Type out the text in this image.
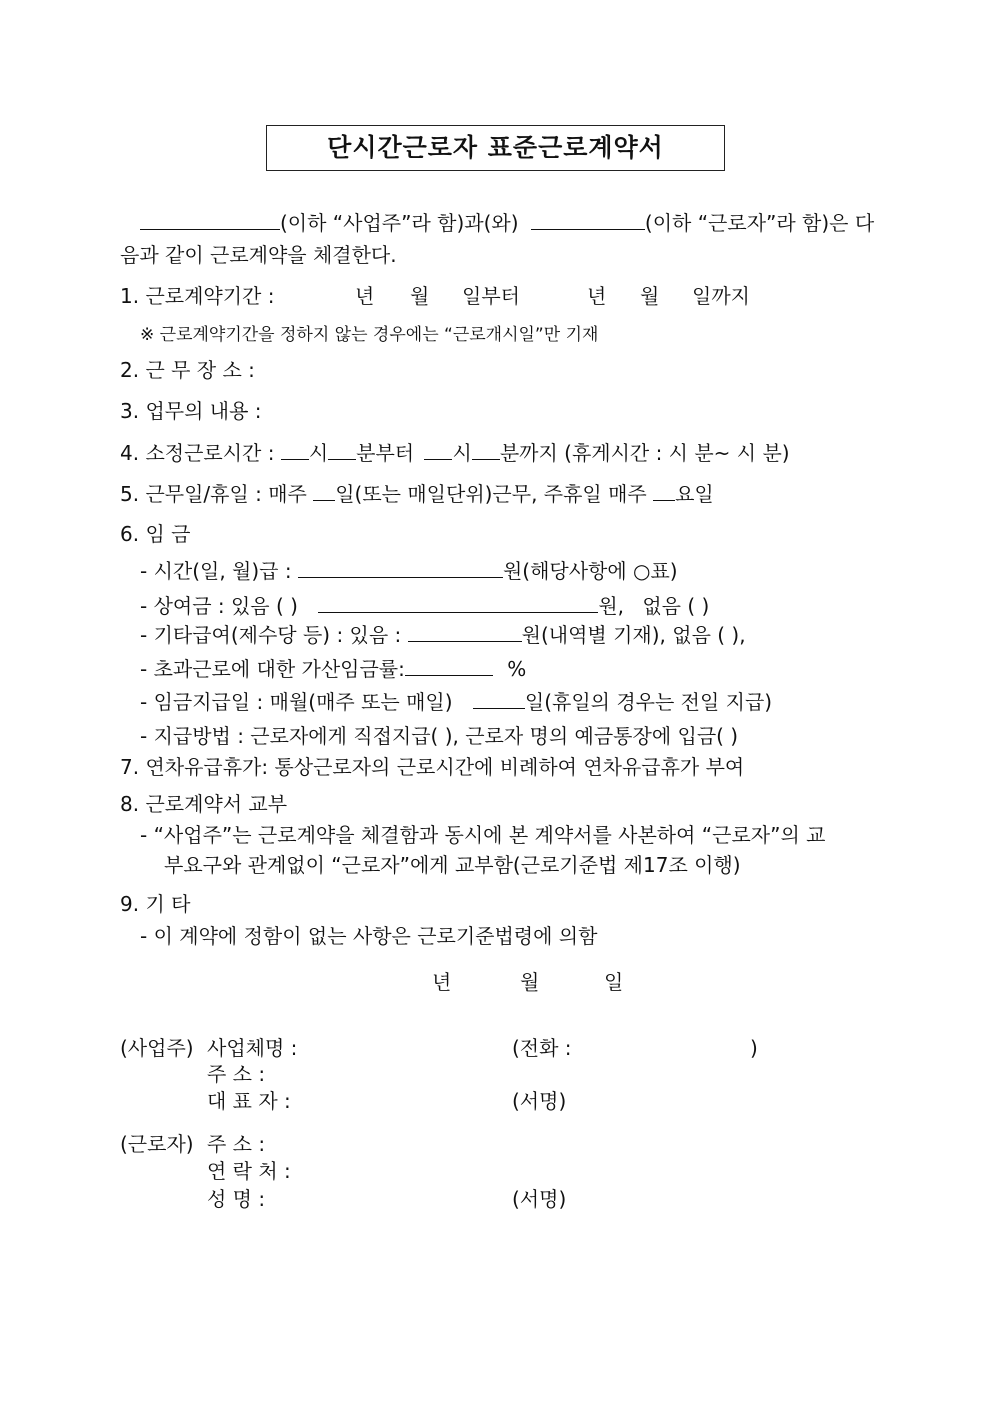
단시간근로자 표준근로계약서
(이하 “사업주”라 함)과(와)	(이하 “근로자”라 함)은 다
음과 같이 근로계약을 체결한다.
1. 근로계약기간 :	년 월 일부터	년 월 일까지
※ 근로계약기간을 정하지 않는 경우에는 “근로개시일”만 기재
2. 근 무 장 소 :
3. 업무의 내용 :
4. 소정근로시간 : 시 분부터 시 분까지 (휴게시간 : 시 분~ 시 분)
5. 근무일/휴일 : 매주 일(또는 매일단위)근무, 주휴일 매주 요일
6. 임 금
- 시간(일, 월)급 :	원(해당사항에 ○표)
- 상여금 : 있음 ( )	원, 없음 ( )
- 기타급여(제수당 등) : 있음 :	원(내역별 기재), 없음 ( ),
- 초과근로에 대한 가산임금률:	%
- 임금지급일 : 매월(매주 또는 매일)	일(휴일의 경우는 전일 지급)
- 지급방법 : 근로자에게 직접지급( ), 근로자 명의 예금통장에 입금( )
7. 연차유급휴가: 통상근로자의 근로시간에 비례하여 연차유급휴가 부여
8. 근로계약서 교부
- “사업주”는 근로계약을 체결함과 동시에 본 계약서를 사본하여 “근로자”의 교
부요구와 관계없이 “근로자”에게 교부함(근로기준법 제17조 이행)
9. 기 타
- 이 계약에 정함이 없는 사항은 근로기준법령에 의함
년	월	일
(사업주) 사업체명 :	(전화 :	)
주 소 :
대 표 자 :	(서명)
(근로자) 주 소 :
연 락 처 :
성 명 :	(서명)
